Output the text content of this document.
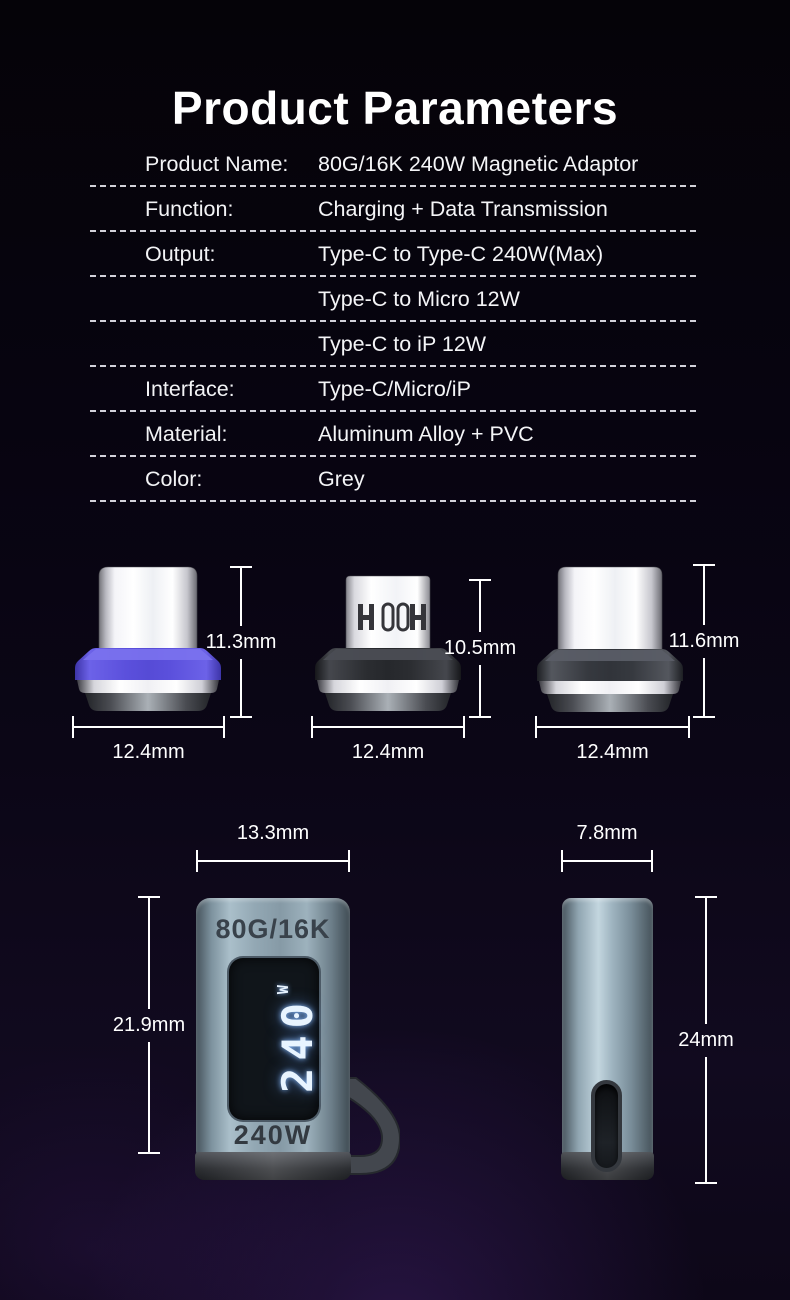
Product Parameters
Product Name:	80G/16K 240W Magnetic Adaptor
Function:	Charging + Data Transmission
Output:	Type-C to Type-C 240W(Max)
Type-C to Micro 12W
Type-C to iP 12W
Interface:	Type-C/Micro/iP
Material:	Aluminum Alloy + PVC
Color:	Grey
11.3mm
12.4mm
10.5mm
12.4mm
11.6mm
12.4mm
13.3mm
21.9mm
80G/16K
240
W
240W
7.8mm
24mm
